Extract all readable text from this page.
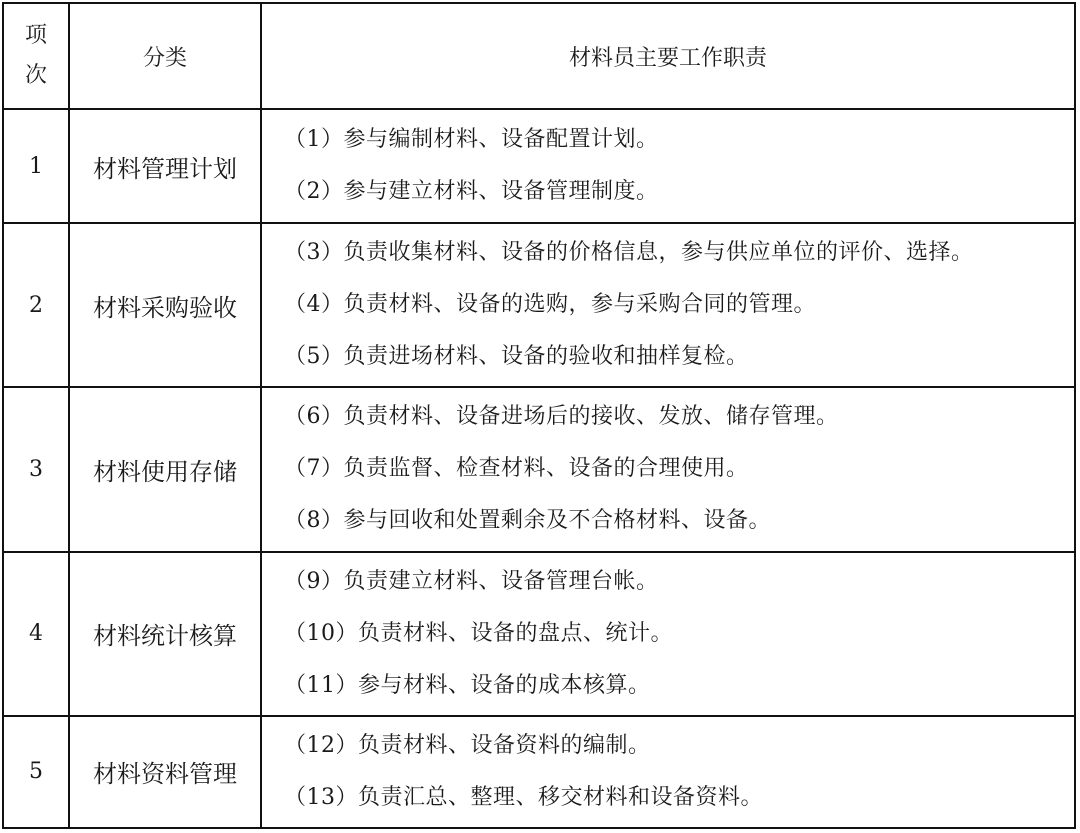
项次	分类	材料员主要工作职责
1	材料管理计划	（1）参与编制材料、设备配置计划。
（2）参与建立材料、设备管理制度。

2	材料采购验收	（3）负责收集材料、设备的价格信息，参与供应单位的评价、选择。
（4）负责材料、设备的选购，参与采购合同的管理。
（5）负责进场材料、设备的验收和抽样复检。

3	材料使用存储	（6）负责材料、设备进场后的接收、发放、储存管理。
（7）负责监督、检查材料、设备的合理使用。
（8）参与回收和处置剩余及不合格材料、设备。

4	材料统计核算	（9）负责建立材料、设备管理台帐。
（10）负责材料、设备的盘点、统计。
（11）参与材料、设备的成本核算。

5	材料资料管理	（12）负责材料、设备资料的编制。
（13）负责汇总、整理、移交材料和设备资料。
